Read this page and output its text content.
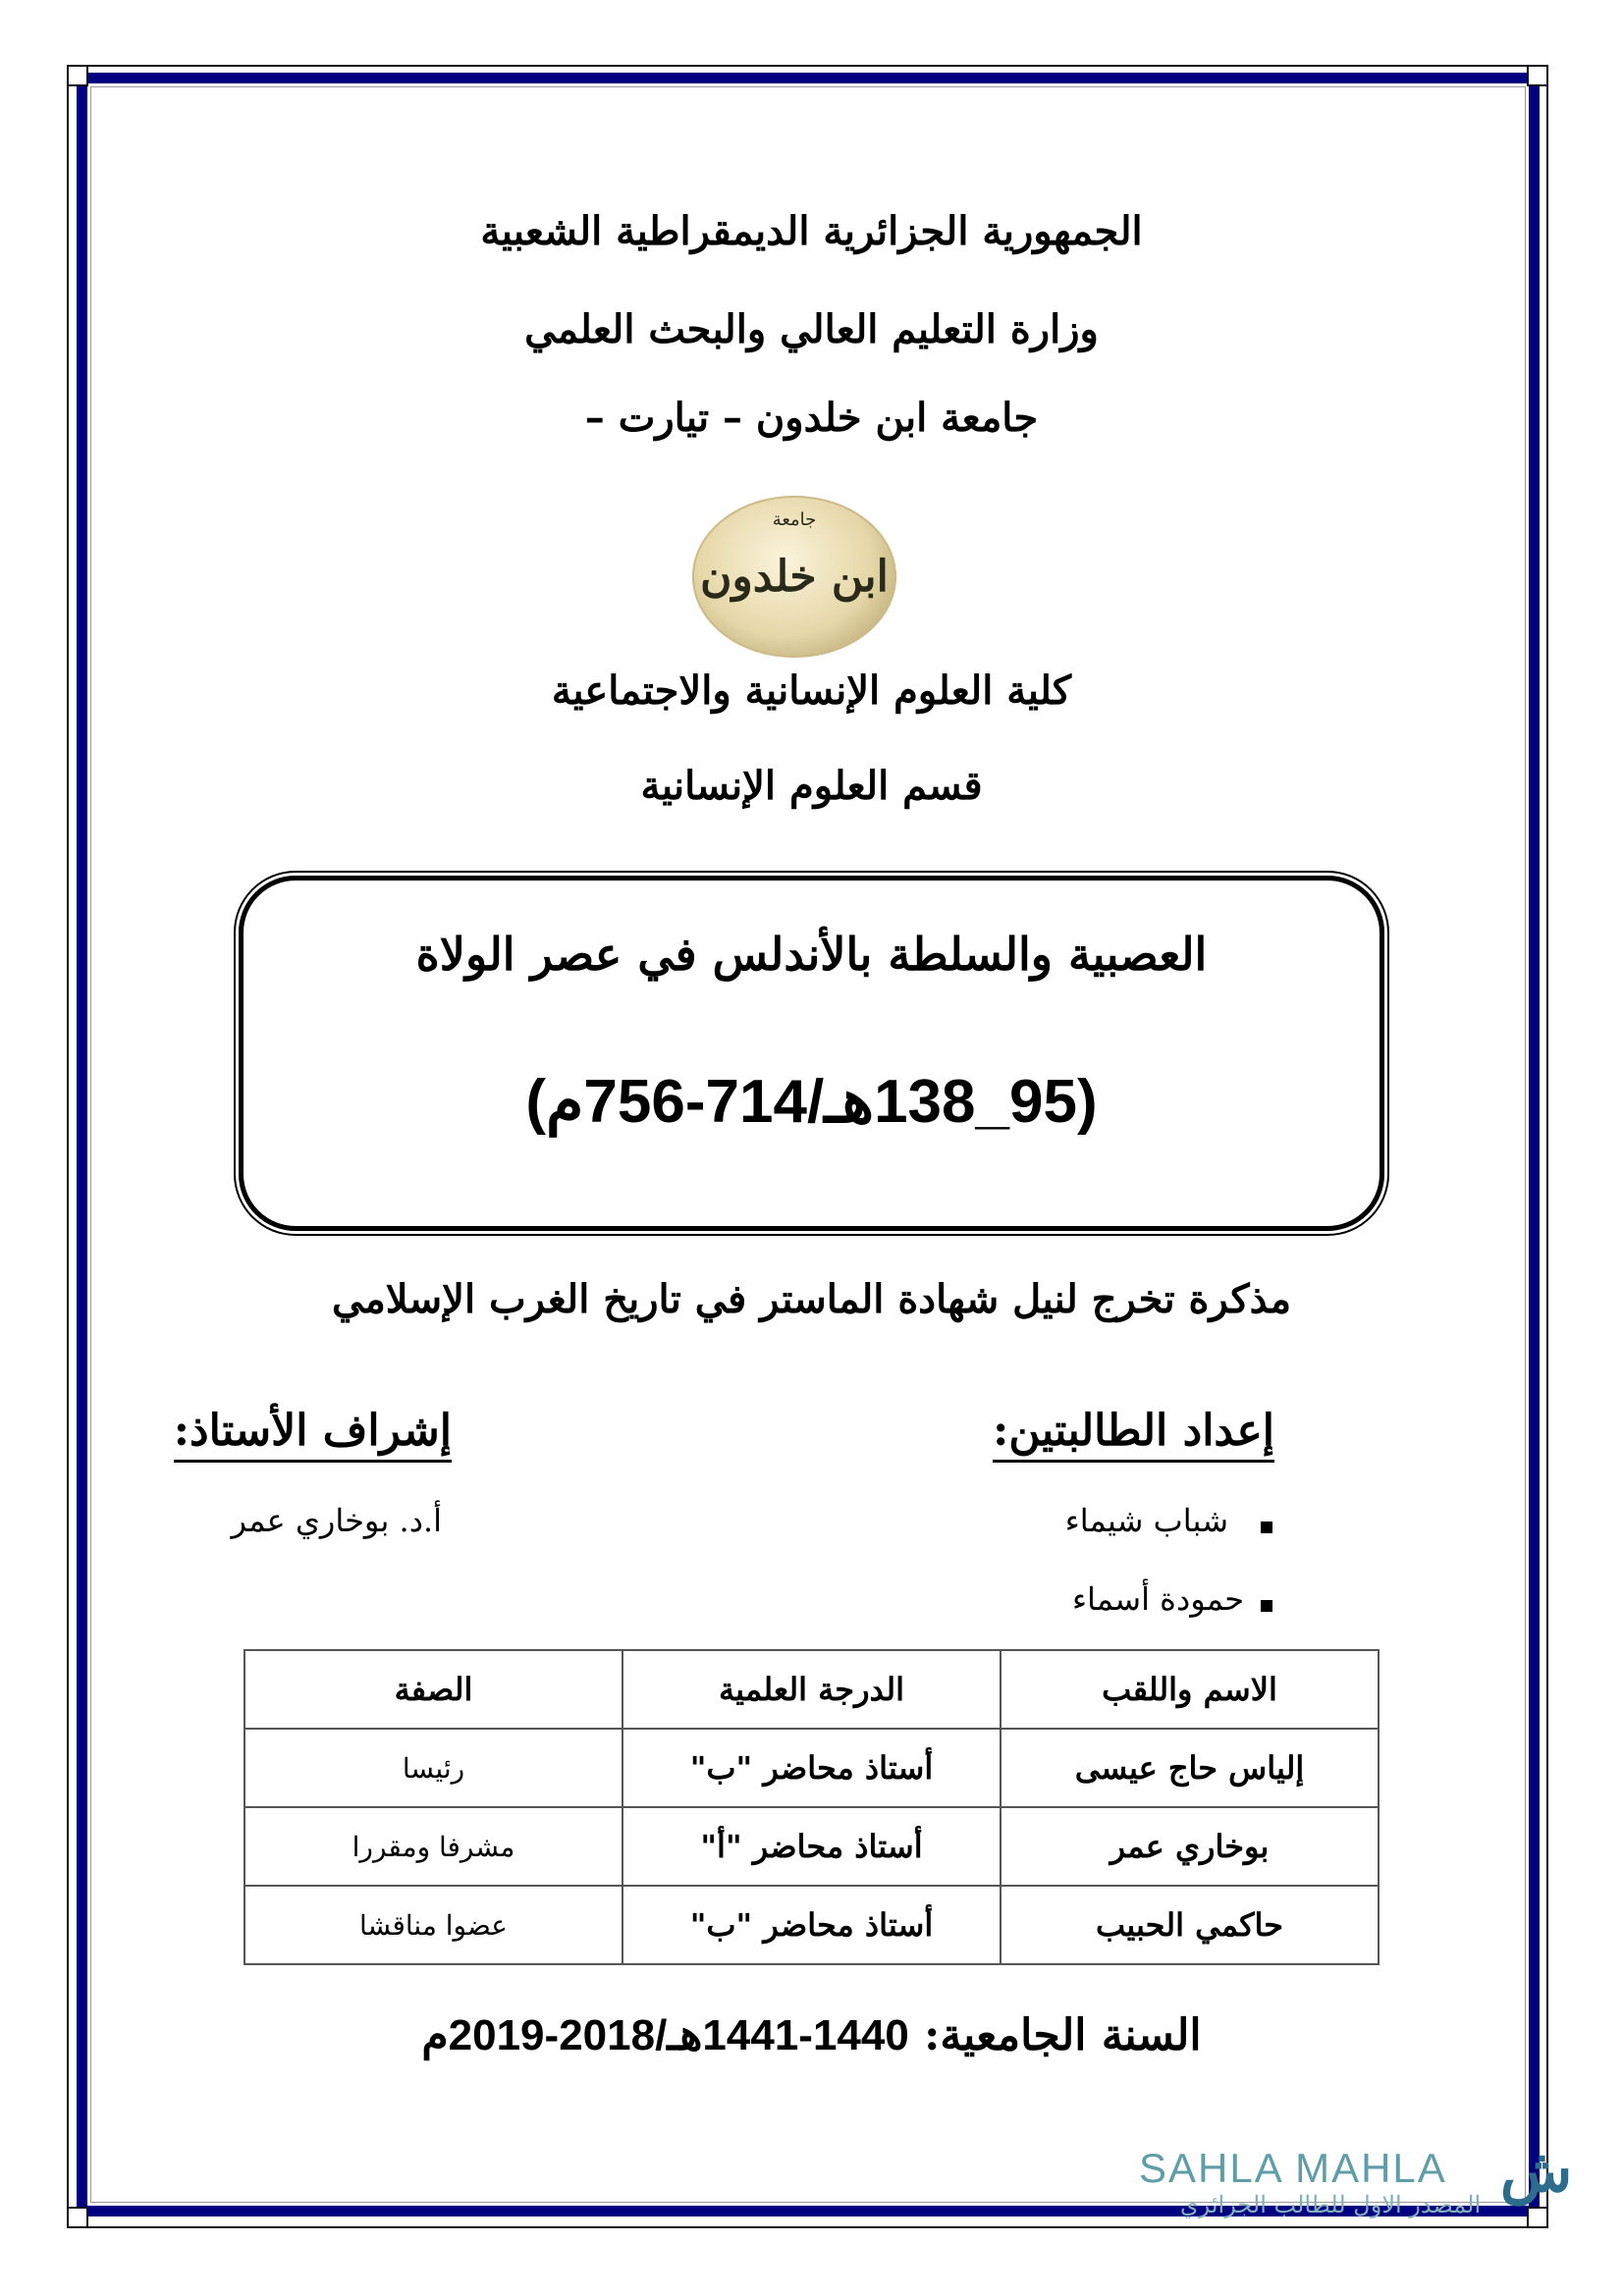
الجمهورية الجزائرية الديمقراطية الشعبية
وزارة التعليم العالي والبحث العلمي
جامعة ابن خلدون – تيارت –
جامعة
ابن خلدون
كلية العلوم الإنسانية والاجتماعية
قسم العلوم الإنسانية
العصبية والسلطة بالأندلس في عصر الولاة
(95_138هـ/714-756م)
مذكرة تخرج لنيل شهادة الماستر في تاريخ الغرب الإسلامي
إعداد الطالبتين:
شباب شيماء
حمودة أسماء
إشراف الأستاذ:
أ.د. بوخاري عمر
الاسم واللقب	الدرجة العلمية	الصفة
إلياس حاج عيسى	أستاذ محاضر "ب"	رئيسا
بوخاري عمر	أستاذ محاضر "أ"	مشرفا ومقررا
حاكمي الحبيب	أستاذ محاضر "ب"	عضوا مناقشا
السنة الجامعية: 1440-1441هـ/2018-2019م
SAHLA MAHLA
المصدر الاول للطالب الجزائري ش
